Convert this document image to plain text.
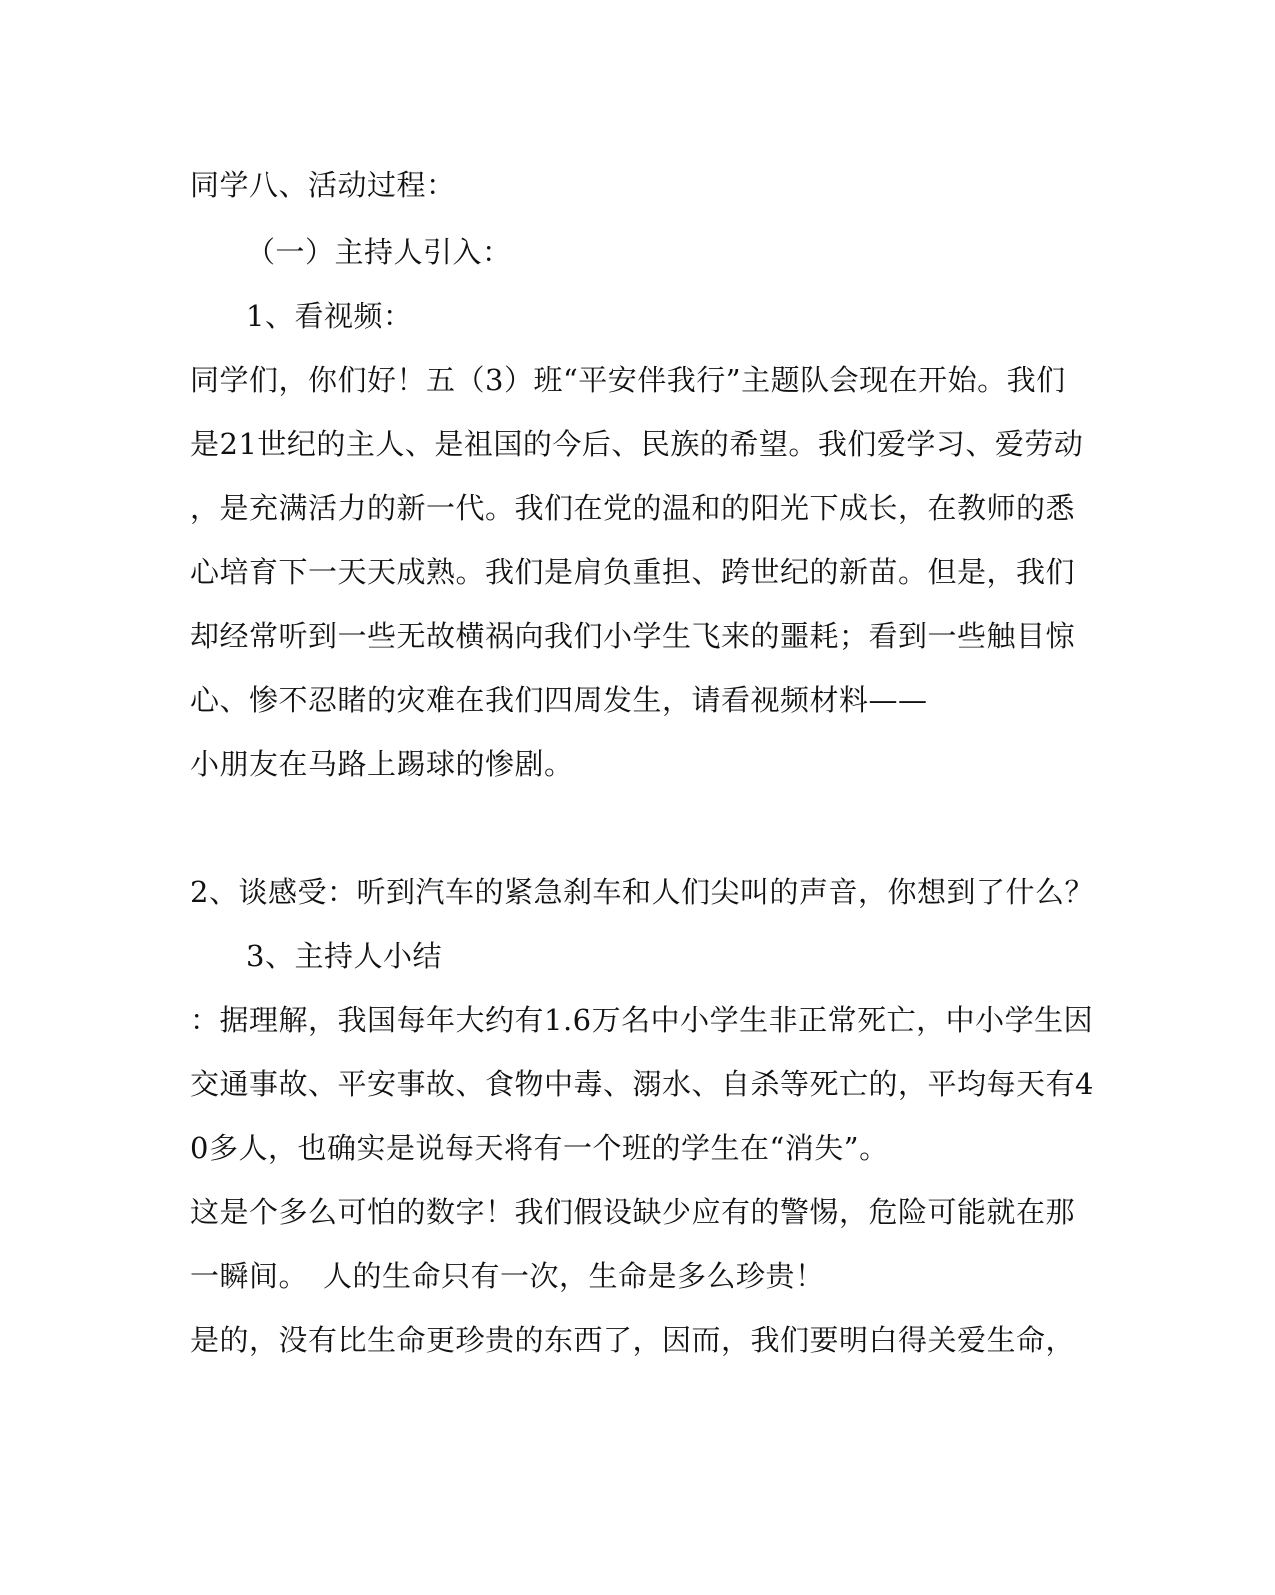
同学八、活动过程：
（一）主持人引入：
1、看视频：
同学们，你们好！五（3）班“平安伴我行”主题队会现在开始。我们
是21世纪的主人、是祖国的今后、民族的希望。我们爱学习、爱劳动
，是充满活力的新一代。我们在党的温和的阳光下成长，在教师的悉
心培育下一天天成熟。我们是肩负重担、跨世纪的新苗。但是，我们
却经常听到一些无故横祸向我们小学生飞来的噩耗；看到一些触目惊
心、惨不忍睹的灾难在我们四周发生，请看视频材料——
小朋友在马路上踢球的惨剧。
2、谈感受：听到汽车的紧急刹车和人们尖叫的声音，你想到了什么？
3、主持人小结
：据理解，我国每年大约有1.6万名中小学生非正常死亡，中小学生因
交通事故、平安事故、食物中毒、溺水、自杀等死亡的，平均每天有4
0多人，也确实是说每天将有一个班的学生在“消失”。
这是个多么可怕的数字！我们假设缺少应有的警惕，危险可能就在那
一瞬间。　人的生命只有一次，生命是多么珍贵！
是的，没有比生命更珍贵的东西了，因而，我们要明白得关爱生命，
